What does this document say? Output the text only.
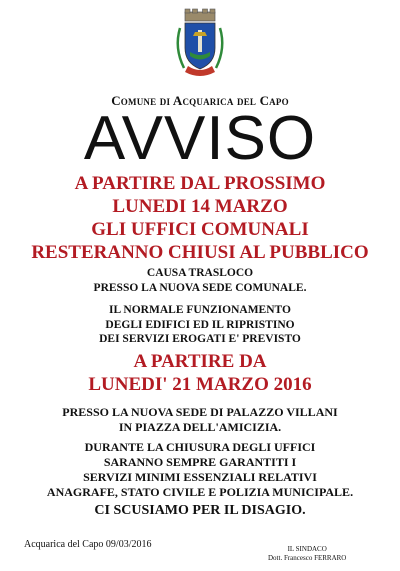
Comune di Acquarica del Capo
AVVISO
A PARTIRE DAL PROSSIMO
LUNEDI 14 MARZO
GLI UFFICI COMUNALI
RESTERANNO CHIUSI AL PUBBLICO
CAUSA TRASLOCO
PRESSO LA NUOVA SEDE COMUNALE.
IL NORMALE FUNZIONAMENTO
DEGLI EDIFICI ED IL RIPRISTINO
DEI SERVIZI EROGATI E' PREVISTO
A PARTIRE DA
LUNEDI' 21 MARZO 2016
PRESSO LA NUOVA SEDE DI PALAZZO VILLANI
IN PIAZZA DELL'AMICIZIA.
DURANTE LA CHIUSURA DEGLI UFFICI
SARANNO SEMPRE GARANTITI I
SERVIZI MINIMI ESSENZIALI RELATIVI
ANAGRAFE, STATO CIVILE E POLIZIA MUNICIPALE.
CI SCUSIAMO PER IL DISAGIO.
Acquarica del Capo 09/03/2016	IL SINDACO
Dott. Francesco FERRARO
